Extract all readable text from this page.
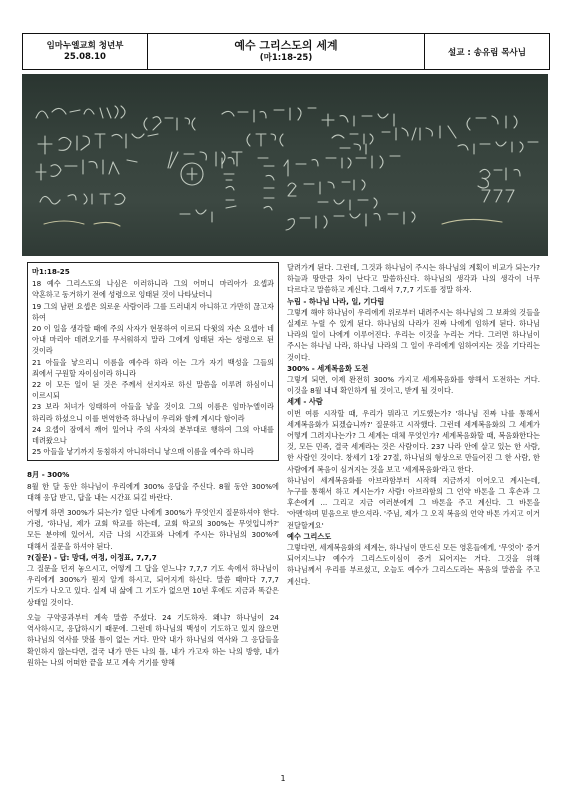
임마누엘교회 청년부
25.08.10
예수 그리스도의 세계
(마1:18-25)
설교 : 송유림 목사님
마1:18-25

18 예수 그리스도의 나심은 이러하니라 그의 어머니 마리아가 요셉과 약혼하고 동거하기 전에 성령으로 잉태된 것이 나타났더니

19 그의 남편 요셉은 의로운 사람이라 그를 드러내지 아니하고 가만히 끊고자 하여

20 이 일을 생각할 때에 주의 사자가 현몽하여 이르되 다윗의 자손 요셉아 네 아내 마리아 데려오기를 무서워하지 말라 그에게 잉태된 자는 성령으로 된 것이라

21 아들을 낳으리니 이름을 예수라 하라 이는 그가 자기 백성을 그들의 죄에서 구원할 자이심이라 하니라

22 이 모든 일이 된 것은 주께서 선지자로 하신 말씀을 이루려 하심이니 이르시되

23 보라 처녀가 잉태하여 아들을 낳을 것이요 그의 이름은 임마누엘이라 하리라 하셨으니 이를 번역한즉 하나님이 우리와 함께 계시다 함이라

24 요셉이 잠에서 깨어 일어나 주의 사자의 분부대로 행하여 그의 아내를 데려왔으나

25 아들을 낳기까지 동침하지 아니하더니 낳으매 이름을 예수라 하니라

8月 - 300%

8월 한 달 동안 하나님이 우리에게 300% 응답을 주신다. 8월 동안 300%에 대해 응답 받고, 답을 내는 시간표 되길 바란다.

어떻게 하면 300%가 되는가? 일단 나에게 300%가 무엇인지 질문하셔야 한다. 가령, '하나님, 제가 교회 학교를 하는데, 교회 학교의 300%는 무엇입니까?' 모든 분야에 있어서, 지금 나의 시간표와 나에게 주시는 하나님의 300%에 대해서 질문을 하셔야 된다.

?(질문) - 답: 망대, 여정, 이정표, 7,7,7

그 질문을 던져 놓으시고, 어떻게 그 답을 얻느냐? 7,7,7 기도 속에서 하나님이 우리에게 300%가 뭔지 알게 하시고, 되어지게 하신다. 말씀 때마다 7,7,7 기도가 나오고 있다. 실제 내 삶에 그 기도가 없으면 10년 후에도 지금과 똑같은 상태일 것이다.

오늘 구약공과부터 계속 말씀 주셨다. 24 기도하자. 왜냐? 하나님이 24 역사하시고, 응답하시기 때문에. 그런데 하나님의 백성이 기도하고 있지 않으면 하나님의 역사를 맛볼 틈이 없는 거다. 만약 내가 하나님의 역사와 그 응답들을 확인하지 않는다면, 결국 내가 만든 나의 틀, 내가 가고자 하는 나의 방향, 내가 원하는 나의 어떠한 끝을 보고 계속 거기를 향해

달려가게 된다. 그런데, 그것과 하나님이 주시는 하나님의 계획이 비교가 되는가? 하늘과 땅만큼 차이 난다고 말씀하신다. 하나님의 생각과 나의 생각이 너무 다르다고 말씀하고 계신다. 그래서 7,7,7 기도를 정말 하자.

누림 - 하나님 나라, 일, 기다림

그렇게 해야 하나님이 우리에게 위로부터 내려주시는 하나님의 그 보좌의 것들을 실제로 누릴 수 있게 된다. 하나님의 나라가 진짜 나에게 임하게 된다. 하나님 나라의 일이 나에게 이루어진다. 우리는 이것을 누리는 거다. 그러면 하나님이 주시는 하나님 나라, 하나님 나라의 그 일이 우리에게 임하여지는 것을 기다리는 것이다.

300% - 세계복음화 도전

그렇게 되면, 이제 완전히 300% 가지고 세계복음화를 향해서 도전하는 거다. 이것을 8월 내내 확인하게 될 것이고, 받게 될 것이다.

세계 - 사람

이번 여름 시작할 때, 우리가 뭐라고 기도했는가? '하나님 진짜 나를 통해서 세계복음화가 되겠습니까?' 질문하고 시작했다. 그런데 세계복음화의 그 세계가 어떻게 그려지나는가? 그 세계는 대체 무엇인가? 세계복음화할 때, 복음화한다는 것, 모든 민족, 결국 세계라는 것은 사람이다. 237 나라 안에 살고 있는 한 사람, 한 사람인 것이다. 창세기 1장 27절, 하나님의 형상으로 만들어진 그 한 사람, 한 사람에게 복음이 심겨지는 것을 보고 '세계복음화'라고 한다.

하나님이 세계복음화를 아브라함부터 시작해 지금까지 이어오고 계시는데, 누구를 통해서 하고 계시는가? 사람! 아브라함의 그 언약 바톤을 그 후손과 그 후손에게 ... 그리고 지금 여러분에게 그 바톤을 주고 계신다. 그 바톤을 '아멘'하며 믿음으로 받으셔라. '주님, 제가 그 오직 복음의 언약 바톤 가지고 이거 전달할게요'

예수 그리스도

그렇다면, 세계복음화의 세계는, 하나님이 만드신 모든 영혼들에게, '무엇이' 증거 되어지느냐? 예수가 그리스도이심이 증거 되어지는 거다. 그것을 위해 하나님께서 우리를 부르셨고, 오늘도 예수가 그리스도라는 복음의 말씀을 주고 계신다.

1
